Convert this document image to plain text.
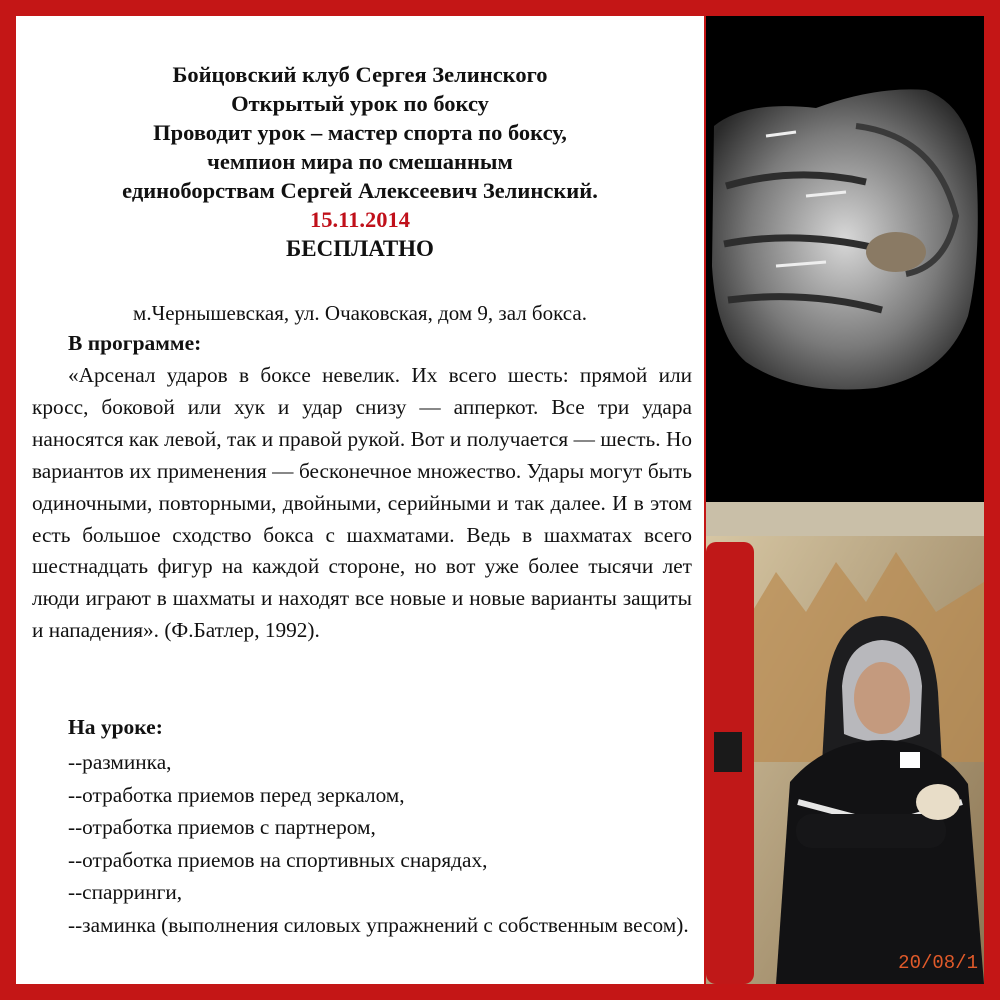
Бойцовский клуб Сергея Зелинского
Открытый урок по боксу
Проводит урок – мастер спорта по боксу,
чемпион мира по смешанным
единоборствам Сергей Алексеевич Зелинский.
15.11.2014
БЕСПЛАТНО
м.Чернышевская, ул. Очаковская, дом 9, зал бокса.
В программе:
«Арсенал ударов в боксе невелик. Их всего шесть: прямой или кросс, боковой или хук и удар снизу — апперкот. Все три удара наносятся как левой, так и правой рукой. Вот и получается — шесть. Но вариантов их применения — бесконечное множество. Удары могут быть одиночными, повторными, двойными, серийными и так далее. И в этом есть большое сходство бокса с шахматами. Ведь в шахматах всего шестнадцать фигур на каждой стороне, но вот уже более тысячи лет люди играют в шахматы и находят все новые и новые варианты защиты и нападения». (Ф.Батлер, 1992).
На уроке:
--разминка,
--отработка приемов перед зеркалом,
--отработка приемов с партнером,
--отработка приемов на спортивных снарядах,
--спарринги,
--заминка (выполнения силовых упражнений с собственным весом).
20/08/1
